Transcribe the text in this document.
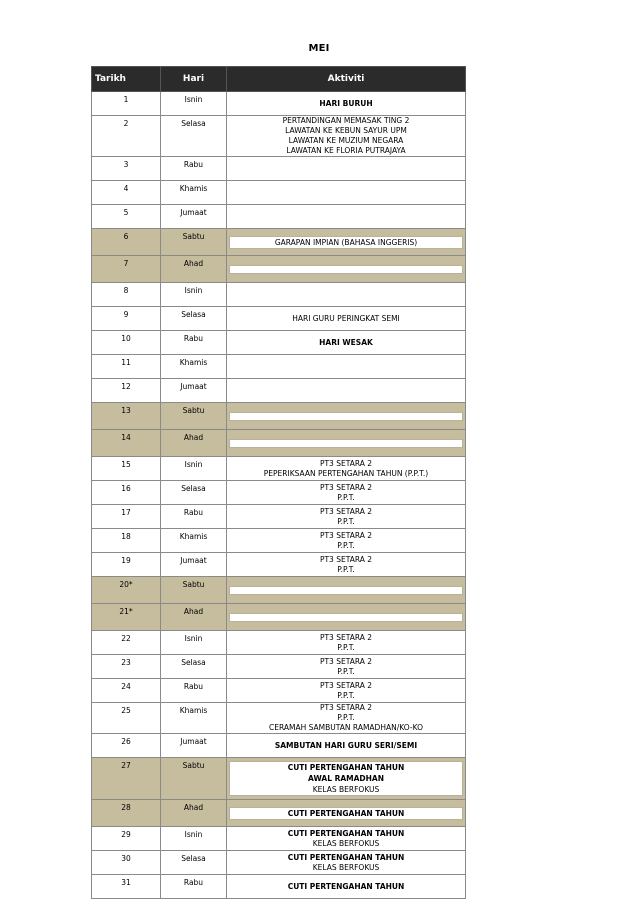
MEI
Tarikh	Hari	Aktiviti
1	Isnin	HARI BURUH

2	Selasa	PERTANDINGAN MEMASAK TING 2
LAWATAN KE KEBUN SAYUR UPM
LAWATAN KE MUZIUM NEGARA
LAWATAN KE FLORIA PUTRAJAYA

3	Rabu	
4	Khamis	
5	Jumaat	
6	Sabtu	GARAPAN IMPIAN (BAHASA INGGERIS)

7	Ahad	

8	Isnin	
9	Selasa	HARI GURU PERINGKAT SEMI

10	Rabu	HARI WESAK

11	Khamis	
12	Jumaat	
13	Sabtu	

14	Ahad	

15	Isnin	PT3 SETARA 2
PEPERIKSAAN PERTENGAHAN TAHUN (P.P.T.)

16	Selasa	PT3 SETARA 2
P.P.T.

17	Rabu	PT3 SETARA 2
P.P.T.

18	Khamis	PT3 SETARA 2
P.P.T.

19	Jumaat	PT3 SETARA 2
P.P.T.

20*	Sabtu	

21*	Ahad	

22	Isnin	PT3 SETARA 2
P.P.T.

23	Selasa	PT3 SETARA 2
P.P.T.

24	Rabu	PT3 SETARA 2
P.P.T.

25	Khamis	PT3 SETARA 2
P.P.T.
CERAMAH SAMBUTAN RAMADHAN/KO-KO

26	Jumaat	SAMBUTAN HARI GURU SERI/SEMI

27	Sabtu	CUTI PERTENGAHAN TAHUN
AWAL RAMADHAN
KELAS BERFOKUS

28	Ahad	CUTI PERTENGAHAN TAHUN

29	Isnin	CUTI PERTENGAHAN TAHUN
KELAS BERFOKUS

30	Selasa	CUTI PERTENGAHAN TAHUN
KELAS BERFOKUS

31	Rabu	CUTI PERTENGAHAN TAHUN
